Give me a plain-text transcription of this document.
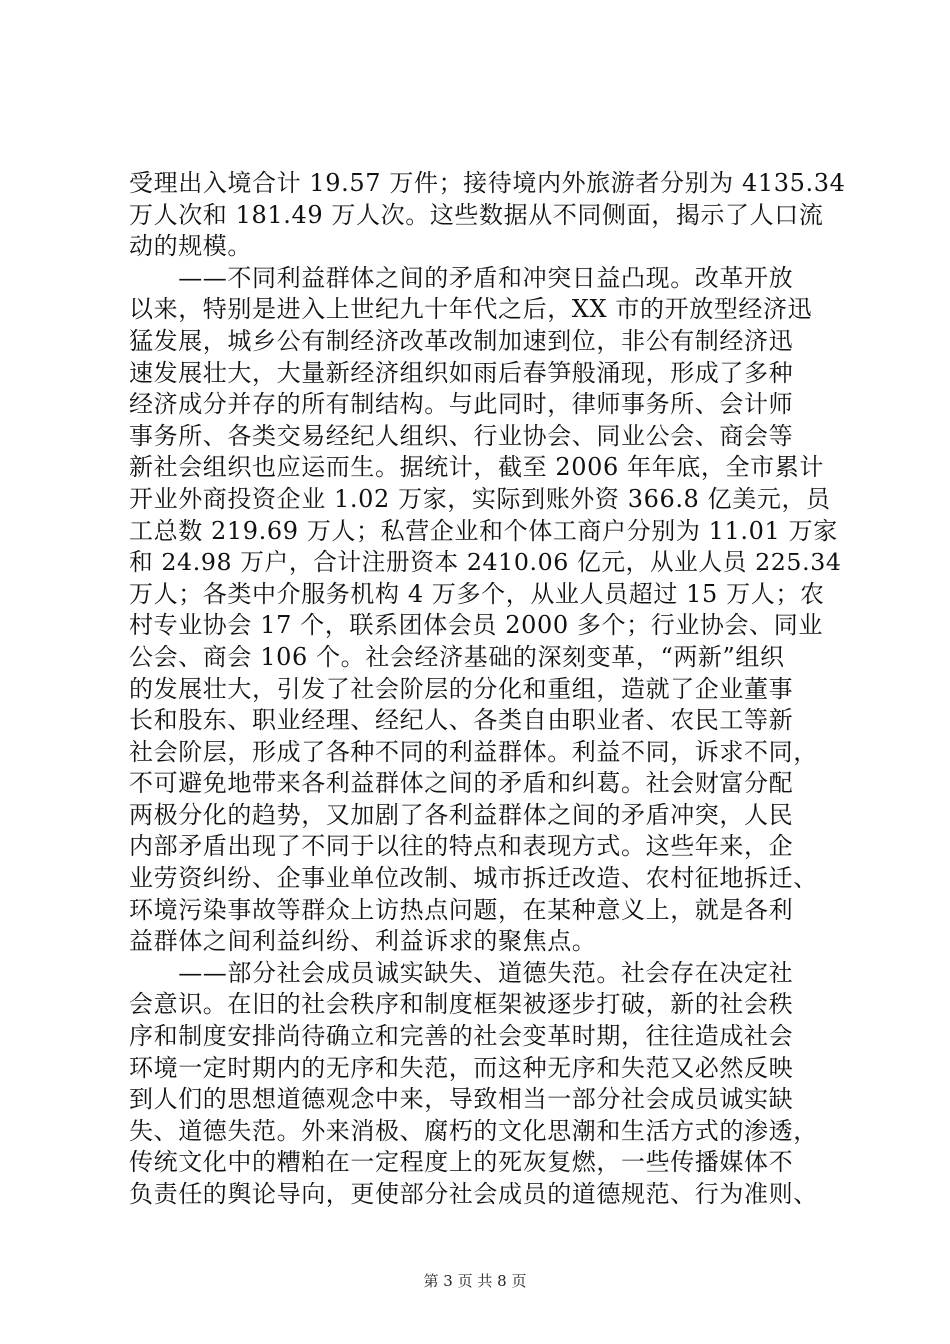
受理出入境合计 19.57 万件；接待境内外旅游者分别为 4135.34
万人次和 181.49 万人次。这些数据从不同侧面，揭示了人口流
动的规模。
　　——不同利益群体之间的矛盾和冲突日益凸现。改革开放
以来，特别是进入上世纪九十年代之后，XX 市的开放型经济迅
猛发展，城乡公有制经济改革改制加速到位，非公有制经济迅
速发展壮大，大量新经济组织如雨后春笋般涌现，形成了多种
经济成分并存的所有制结构。与此同时，律师事务所、会计师
事务所、各类交易经纪人组织、行业协会、同业公会、商会等
新社会组织也应运而生。据统计，截至 2006 年年底，全市累计
开业外商投资企业 1.02 万家，实际到账外资 366.8 亿美元，员
工总数 219.69 万人；私营企业和个体工商户分别为 11.01 万家
和 24.98 万户，合计注册资本 2410.06 亿元，从业人员 225.34
万人；各类中介服务机构 4 万多个，从业人员超过 15 万人；农
村专业协会 17 个，联系团体会员 2000 多个；行业协会、同业
公会、商会 106 个。社会经济基础的深刻变革，“两新”组织
的发展壮大，引发了社会阶层的分化和重组，造就了企业董事
长和股东、职业经理、经纪人、各类自由职业者、农民工等新
社会阶层，形成了各种不同的利益群体。利益不同，诉求不同，
不可避免地带来各利益群体之间的矛盾和纠葛。社会财富分配
两极分化的趋势，又加剧了各利益群体之间的矛盾冲突，人民
内部矛盾出现了不同于以往的特点和表现方式。这些年来，企
业劳资纠纷、企事业单位改制、城市拆迁改造、农村征地拆迁、
环境污染事故等群众上访热点问题，在某种意义上，就是各利
益群体之间利益纠纷、利益诉求的聚焦点。
　　——部分社会成员诚实缺失、道德失范。社会存在决定社
会意识。在旧的社会秩序和制度框架被逐步打破，新的社会秩
序和制度安排尚待确立和完善的社会变革时期，往往造成社会
环境一定时期内的无序和失范，而这种无序和失范又必然反映
到人们的思想道德观念中来，导致相当一部分社会成员诚实缺
失、道德失范。外来消极、腐朽的文化思潮和生活方式的渗透，
传统文化中的糟粕在一定程度上的死灰复燃，一些传播媒体不
负责任的舆论导向，更使部分社会成员的道德规范、行为准则、
第 3 页 共 8 页
